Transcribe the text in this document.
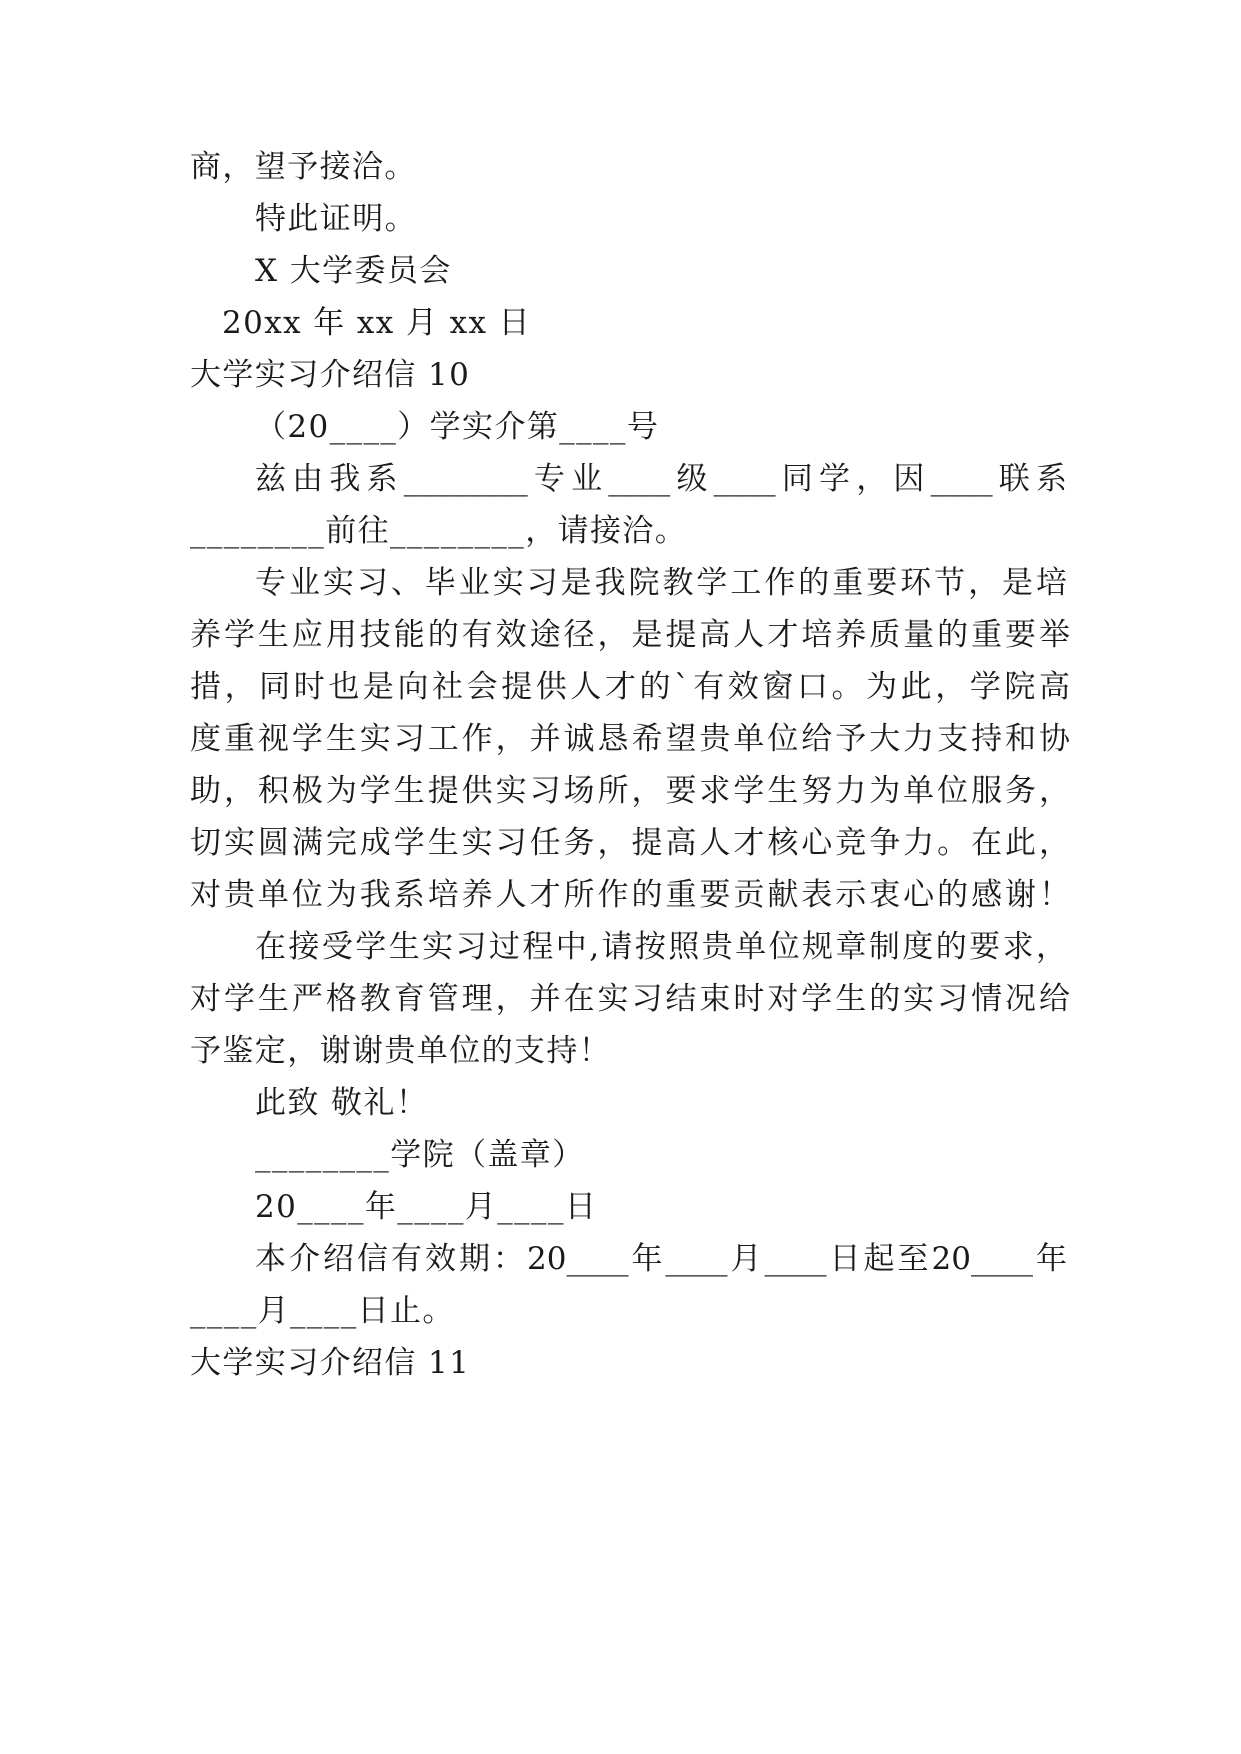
商，望予接洽。
特此证明。
X 大学委员会
20xx 年 xx 月 xx 日
大学实习介绍信 10
（20____）学实介第____号
兹由我系________专业____级____同学，因____联系
________前往________，请接洽。
专业实习、毕业实习是我院教学工作的重要环节，是培
养学生应用技能的有效途径，是提高人才培养质量的重要举
措，同时也是向社会提供人才的`有效窗口。为此，学院高
度重视学生实习工作，并诚恳希望贵单位给予大力支持和协
助，积极为学生提供实习场所，要求学生努力为单位服务，
切实圆满完成学生实习任务，提高人才核心竞争力。在此，
对贵单位为我系培养人才所作的重要贡献表示衷心的感谢！
在接受学生实习过程中,请按照贵单位规章制度的要求，
对学生严格教育管理，并在实习结束时对学生的实习情况给
予鉴定，谢谢贵单位的支持！
此致 敬礼！
________学院（盖章）
20____年____月____日
本介绍信有效期：20____年____月____日起至20____年
____月____日止。
大学实习介绍信 11
